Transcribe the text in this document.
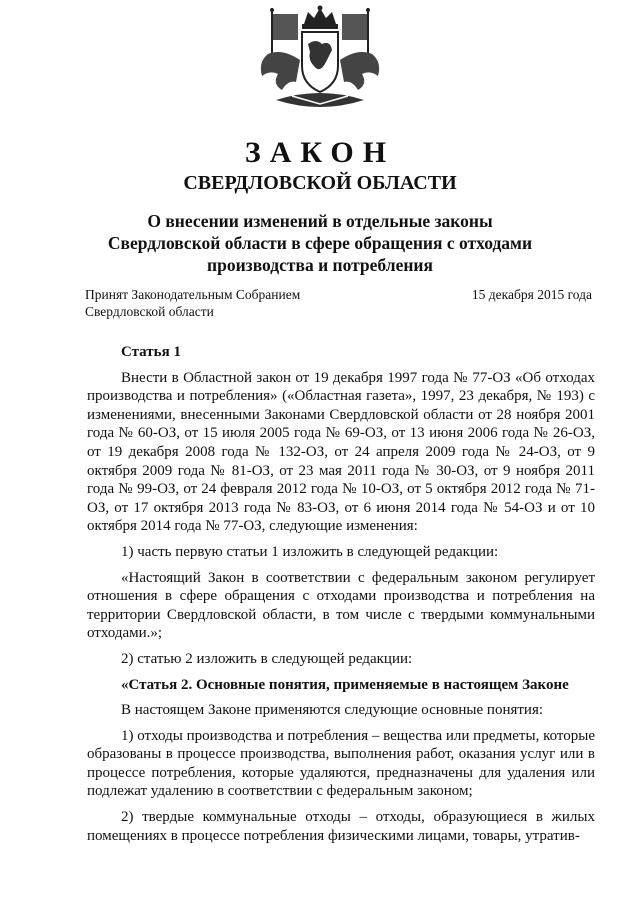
ЗАКОН
СВЕРДЛОВСКОЙ ОБЛАСТИ
О внесении изменений в отдельные законы
Свердловской области в сфере обращения с отходами
производства и потребления
Принят Законодательным Собранием
Свердловской области
15 декабря 2015 года
Статья 1
Внести в Областной закон от 19 декабря 1997 года № 77-ОЗ «Об отходах производства и потребления» («Областная газета», 1997, 23 декабря, № 193) с изменениями, внесенными Законами Свердловской области от 28 ноября 2001 года № 60-ОЗ, от 15 июля 2005 года № 69-ОЗ, от 13 июня 2006 года № 26-ОЗ, от 19 декабря 2008 года № 132-ОЗ, от 24 апреля 2009 года № 24-ОЗ, от 9 октября 2009 года № 81-ОЗ, от 23 мая 2011 года № 30-ОЗ, от 9 ноября 2011 года № 99-ОЗ, от 24 февраля 2012 года № 10-ОЗ, от 5 октября 2012 года № 71-ОЗ, от 17 октября 2013 года № 83-ОЗ, от 6 июня 2014 года № 54-ОЗ и от 10 октября 2014 года № 77-ОЗ, следующие изменения:
1) часть первую статьи 1 изложить в следующей редакции:
«Настоящий Закон в соответствии с федеральным законом регулирует отношения в сфере обращения с отходами производства и потребления на территории Свердловской области, в том числе с твердыми коммунальными отходами.»;
2) статью 2 изложить в следующей редакции:
«Статья 2. Основные понятия, применяемые в настоящем Законе
В настоящем Законе применяются следующие основные понятия:
1) отходы производства и потребления – вещества или предметы, которые образованы в процессе производства, выполнения работ, оказания услуг или в процессе потребления, которые удаляются, предназначены для удаления или подлежат удалению в соответствии с федеральным законом;
2) твердые коммунальные отходы – отходы, образующиеся в жилых помещениях в процессе потребления физическими лицами, товары, утратив-
